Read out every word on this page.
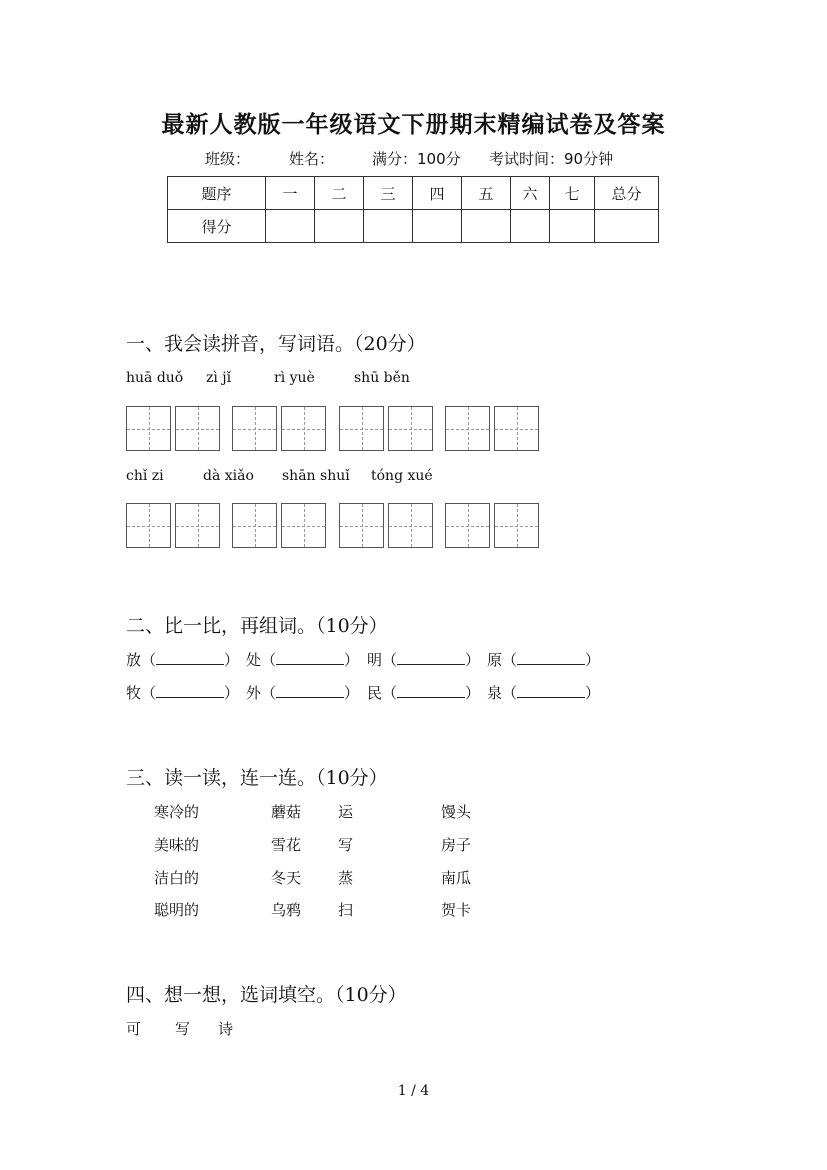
最新人教版一年级语文下册期末精编试卷及答案
班级：	姓名：	满分：100分 考试时间：90分钟
题序	一	二	三	四	五	六	七	总分
得分								
一、我会读拼音，写词语。（20分）
huā duǒ zì jǐ	rì yuè	shū běn
chǐ zi	dà xiǎo shān shuǐ tóng xué
二、比一比，再组词。（10分）
放（	） 处（	） 明（	） 原（	）
牧（	） 外（	） 民（	） 泉（	）
三、读一读，连一连。（10分）
寒冷的	蘑菇 运	馒头
美味的	雪花 写	房子
洁白的	冬天 蒸	南瓜
聪明的	乌鸦 扫	贺卡
四、想一想，选词填空。（10分）
可 写 诗
1 / 4
